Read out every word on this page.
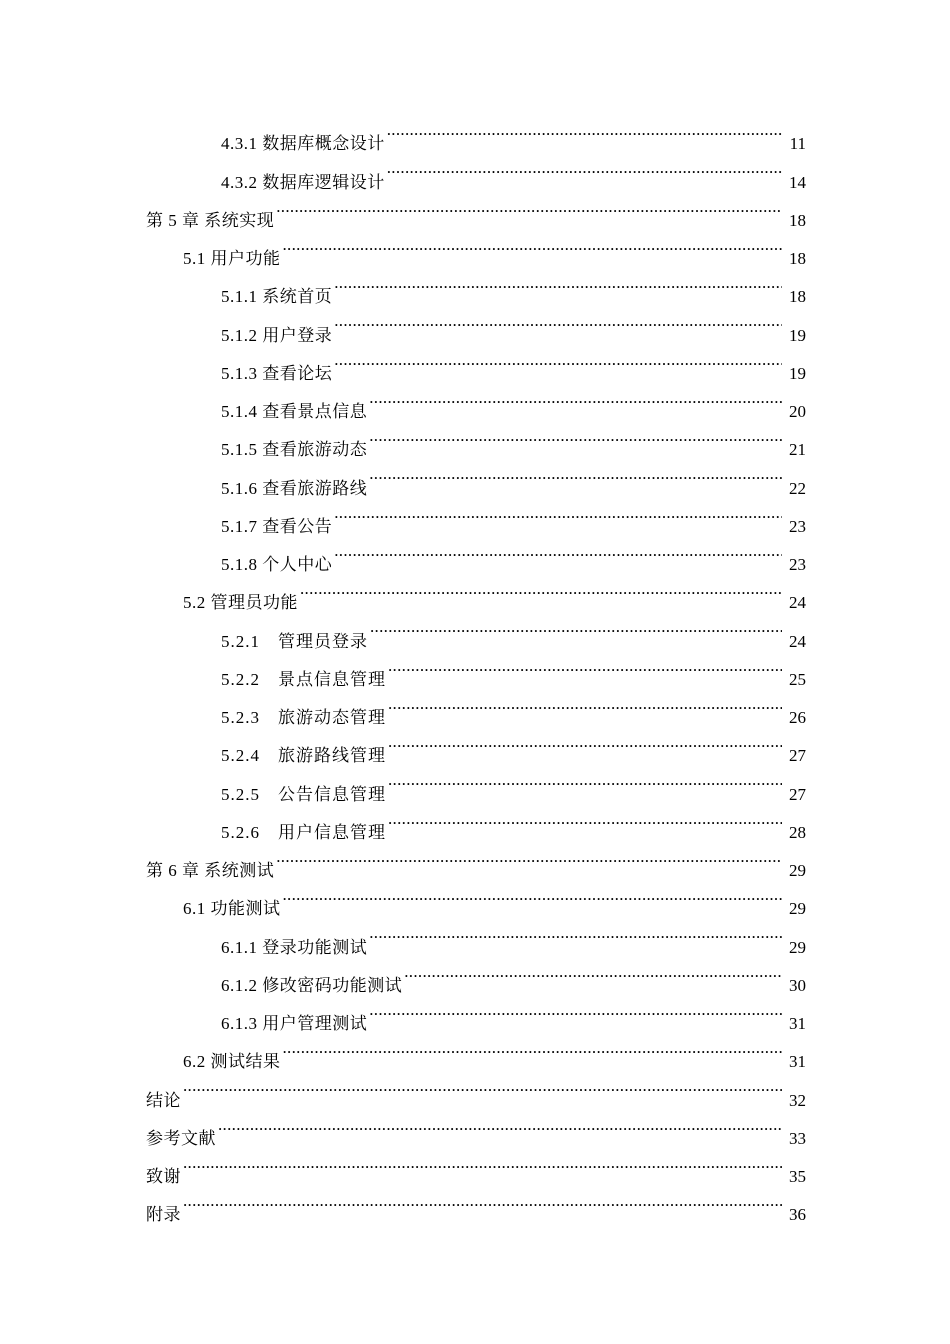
4.3.1 数据库概念设计 .....	11
4.3.2 数据库逻辑设计 .....	14
第 5 章 系统实现 .....	18
5.1 用户功能 .....	18
5.1.1 系统首页 .....	18
5.1.2 用户登录 .....	19
5.1.3 查看论坛 .....	19
5.1.4 查看景点信息 .....	20
5.1.5 查看旅游动态 .....	21
5.1.6 查看旅游路线 .....	22
5.1.7 查看公告 .....	23
5.1.8 个人中心 .....	23
5.2 管理员功能 .....	24
5.2.1　管理员登录 .....	24
5.2.2　景点信息管理 .....	25
5.2.3　旅游动态管理 .....	26
5.2.4　旅游路线管理 .....	27
5.2.5　公告信息管理 .....	27
5.2.6　用户信息管理 .....	28
第 6 章 系统测试 .....	29
6.1 功能测试 .....	29
6.1.1 登录功能测试 .....	29
6.1.2 修改密码功能测试 .....	30
6.1.3 用户管理测试 .....	31
6.2 测试结果 .....	31
结论 .....	32
参考文献 .....	33
致谢 .....	35
附录 .....	36
